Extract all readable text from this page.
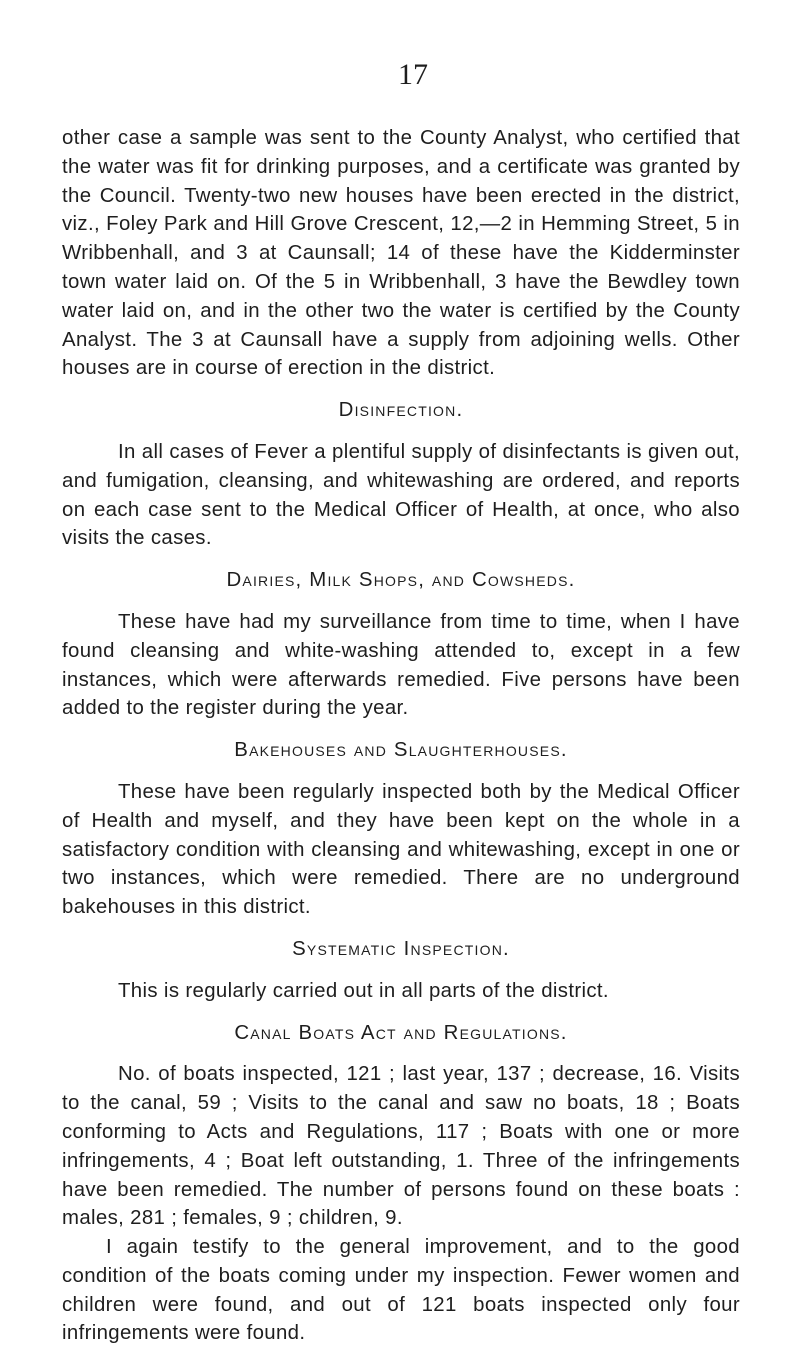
17

other case a sample was sent to the County Analyst, who certified that the water was fit for drinking purposes, and a certificate was granted by the Council. Twenty-two new houses have been erected in the district, viz., Foley Park and Hill Grove Crescent, 12,—2 in Hemming Street, 5 in Wribbenhall, and 3 at Caunsall; 14 of these have the Kidderminster town water laid on. Of the 5 in Wribbenhall, 3 have the Bewdley town water laid on, and in the other two the water is certified by the County Analyst. The 3 at Caunsall have a supply from adjoining wells. Other houses are in course of erection in the district.

Disinfection.

In all cases of Fever a plentiful supply of disinfectants is given out, and fumigation, cleansing, and whitewashing are ordered, and reports on each case sent to the Medical Officer of Health, at once, who also visits the cases.

Dairies, Milk Shops, and Cowsheds.

These have had my surveillance from time to time, when I have found cleansing and white-washing attended to, except in a few instances, which were afterwards remedied. Five persons have been added to the register during the year.

Bakehouses and Slaughterhouses.

These have been regularly inspected both by the Medical Officer of Health and myself, and they have been kept on the whole in a satisfactory condition with cleansing and whitewashing, except in one or two instances, which were remedied. There are no underground bakehouses in this district.

Systematic Inspection.

This is regularly carried out in all parts of the district.

Canal Boats Act and Regulations.

No. of boats inspected, 121 ; last year, 137 ; decrease, 16. Visits to the canal, 59 ; Visits to the canal and saw no boats, 18 ; Boats conforming to Acts and Regulations, 117 ; Boats with one or more infringements, 4 ; Boat left outstanding, 1. Three of the infringements have been remedied. The number of persons found on these boats : males, 281 ; females, 9 ; children, 9.

I again testify to the general improvement, and to the good condition of the boats coming under my inspection. Fewer women and children were found, and out of 121 boats inspected only four infringements were found.
